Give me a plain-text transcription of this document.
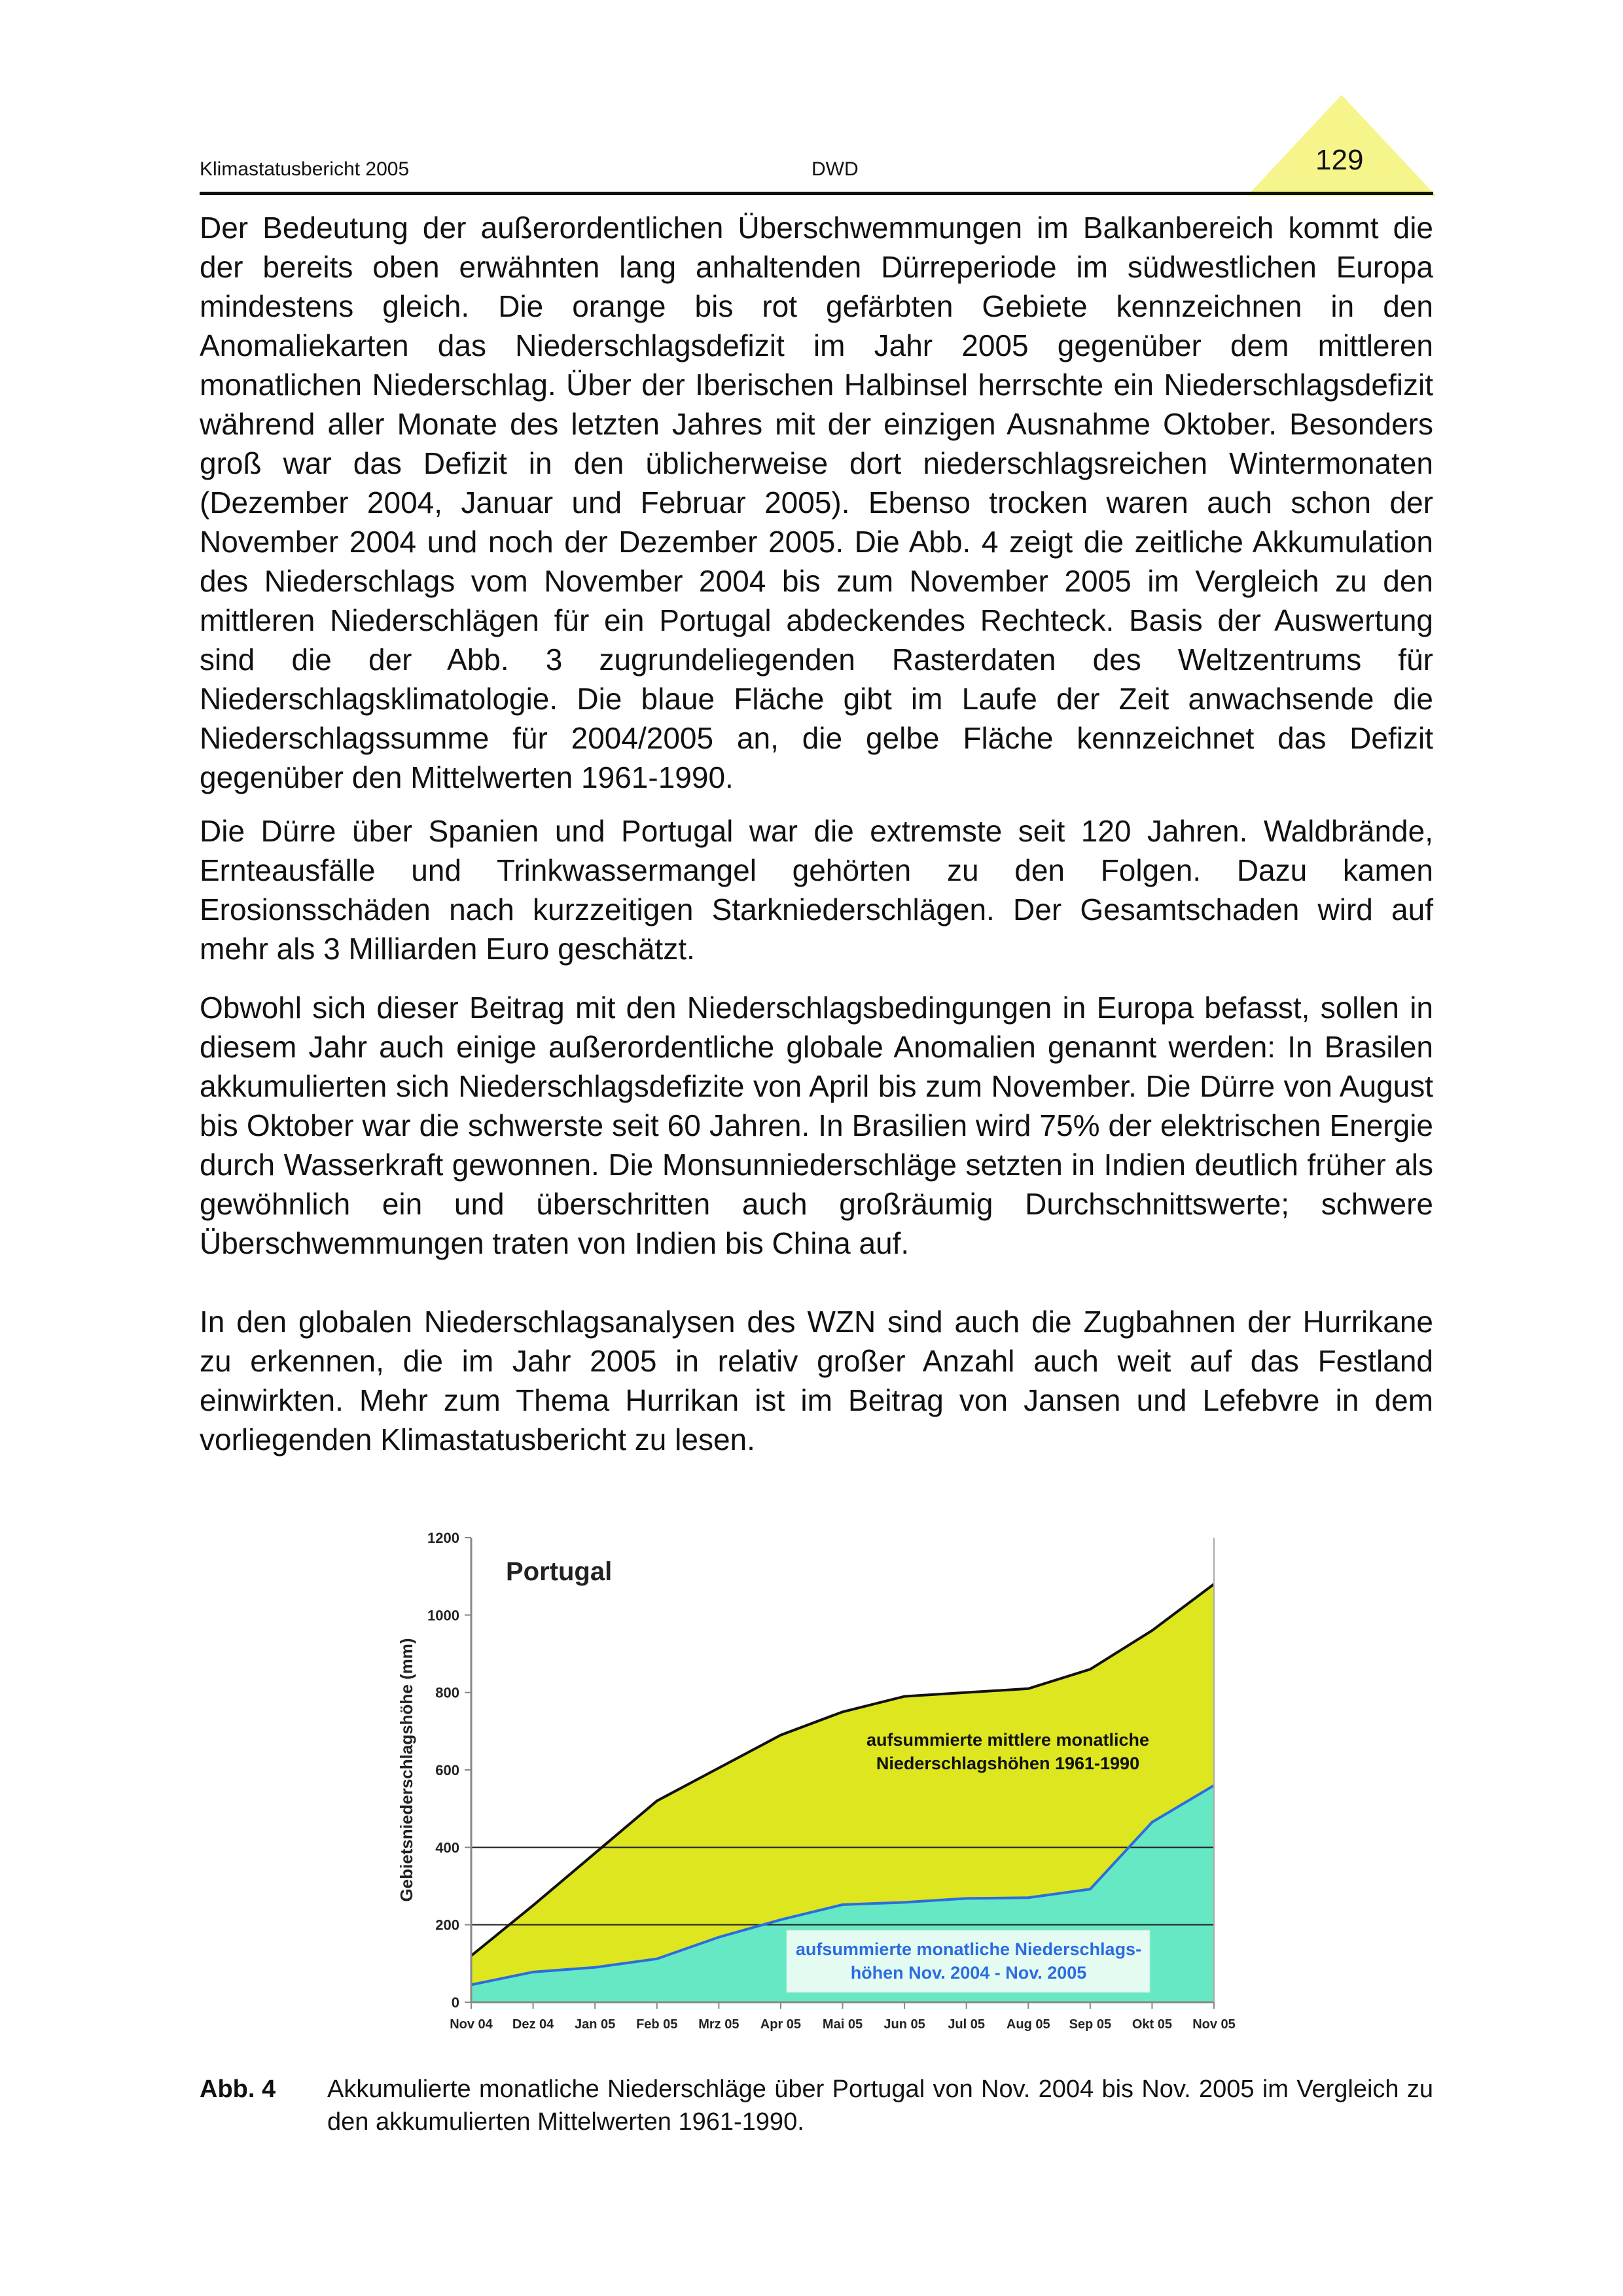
Klimastatusbericht 2005	DWD	129

Der Bedeutung der außerordentlichen Überschwemmungen im Balkanbereich kommt die der bereits oben erwähnten lang anhaltenden Dürreperiode im südwestlichen Europa mindestens gleich. Die orange bis rot gefärbten Gebiete kennzeichnen in den Anomaliekarten das Niederschlagsdefizit im Jahr 2005 gegenüber dem mittleren monatlichen Niederschlag. Über der Iberischen Halbinsel herrschte ein Niederschlagsdefizit während aller Monate des letzten Jahres mit der einzigen Ausnahme Oktober. Besonders groß war das Defizit in den üblicherweise dort niederschlagsreichen Wintermonaten (Dezember 2004, Januar und Februar 2005). Ebenso trocken waren auch schon der November 2004 und noch der Dezember 2005. Die Abb. 4 zeigt die zeitliche Akkumulation des Niederschlags vom November 2004 bis zum November 2005 im Vergleich zu den mittleren Niederschlägen für ein Portugal abdeckendes Rechteck. Basis der Auswertung sind die der Abb. 3 zugrundeliegenden Rasterdaten des Weltzentrums für Niederschlagsklimatologie. Die blaue Fläche gibt im Laufe der Zeit anwachsende die Niederschlagssumme für 2004/2005 an, die gelbe Fläche kennzeichnet das Defizit gegenüber den Mittelwerten 1961-1990.

Die Dürre über Spanien und Portugal war die extremste seit 120 Jahren. Waldbrände, Ernteausfälle und Trinkwassermangel gehörten zu den Folgen. Dazu kamen Erosionsschäden nach kurzzeitigen Starkniederschlägen. Der Gesamtschaden wird auf mehr als 3 Milliarden Euro geschätzt.

Obwohl sich dieser Beitrag mit den Niederschlagsbedingungen in Europa befasst, sollen in diesem Jahr auch einige außerordentliche globale Anomalien genannt werden: In Brasilen akkumulierten sich Niederschlagsdefizite von April bis zum November. Die Dürre von August bis Oktober war die schwerste seit 60 Jahren. In Brasilien wird 75% der elektrischen Energie durch Wasserkraft gewonnen. Die Monsunniederschläge setzten in Indien deutlich früher als gewöhnlich ein und überschritten auch großräumig Durchschnittswerte; schwere Überschwemmungen traten von Indien bis China auf.

In den globalen Niederschlagsanalysen des WZN sind auch die Zugbahnen der Hurrikane zu erkennen, die im Jahr 2005 in relativ großer Anzahl auch weit auf das Festland einwirkten. Mehr zum Thema Hurrikan ist im Beitrag von Jansen und Lefebvre in dem vorliegenden Klimastatusbericht zu lesen.

0
200
400
600
800
1000
1200
Nov 04 Dez 04 Jan 05 Feb 05 Mrz 05 Apr 05 Mai 05 Jun 05 Jul 05 Aug 05 Sep 05 Okt 05 Nov 05
Gebietsniederschlagshöhe (mm)
Portugal
aufsummierte mittlere monatliche
Niederschlagshöhen 1961-1990
aufsummierte monatliche Niederschlags-
höhen Nov. 2004 - Nov. 2005
Abb. 4 Akkumulierte monatliche Niederschläge über Portugal von Nov. 2004 bis Nov. 2005 im Vergleich zu den akkumulierten Mittelwerten 1961-1990.
